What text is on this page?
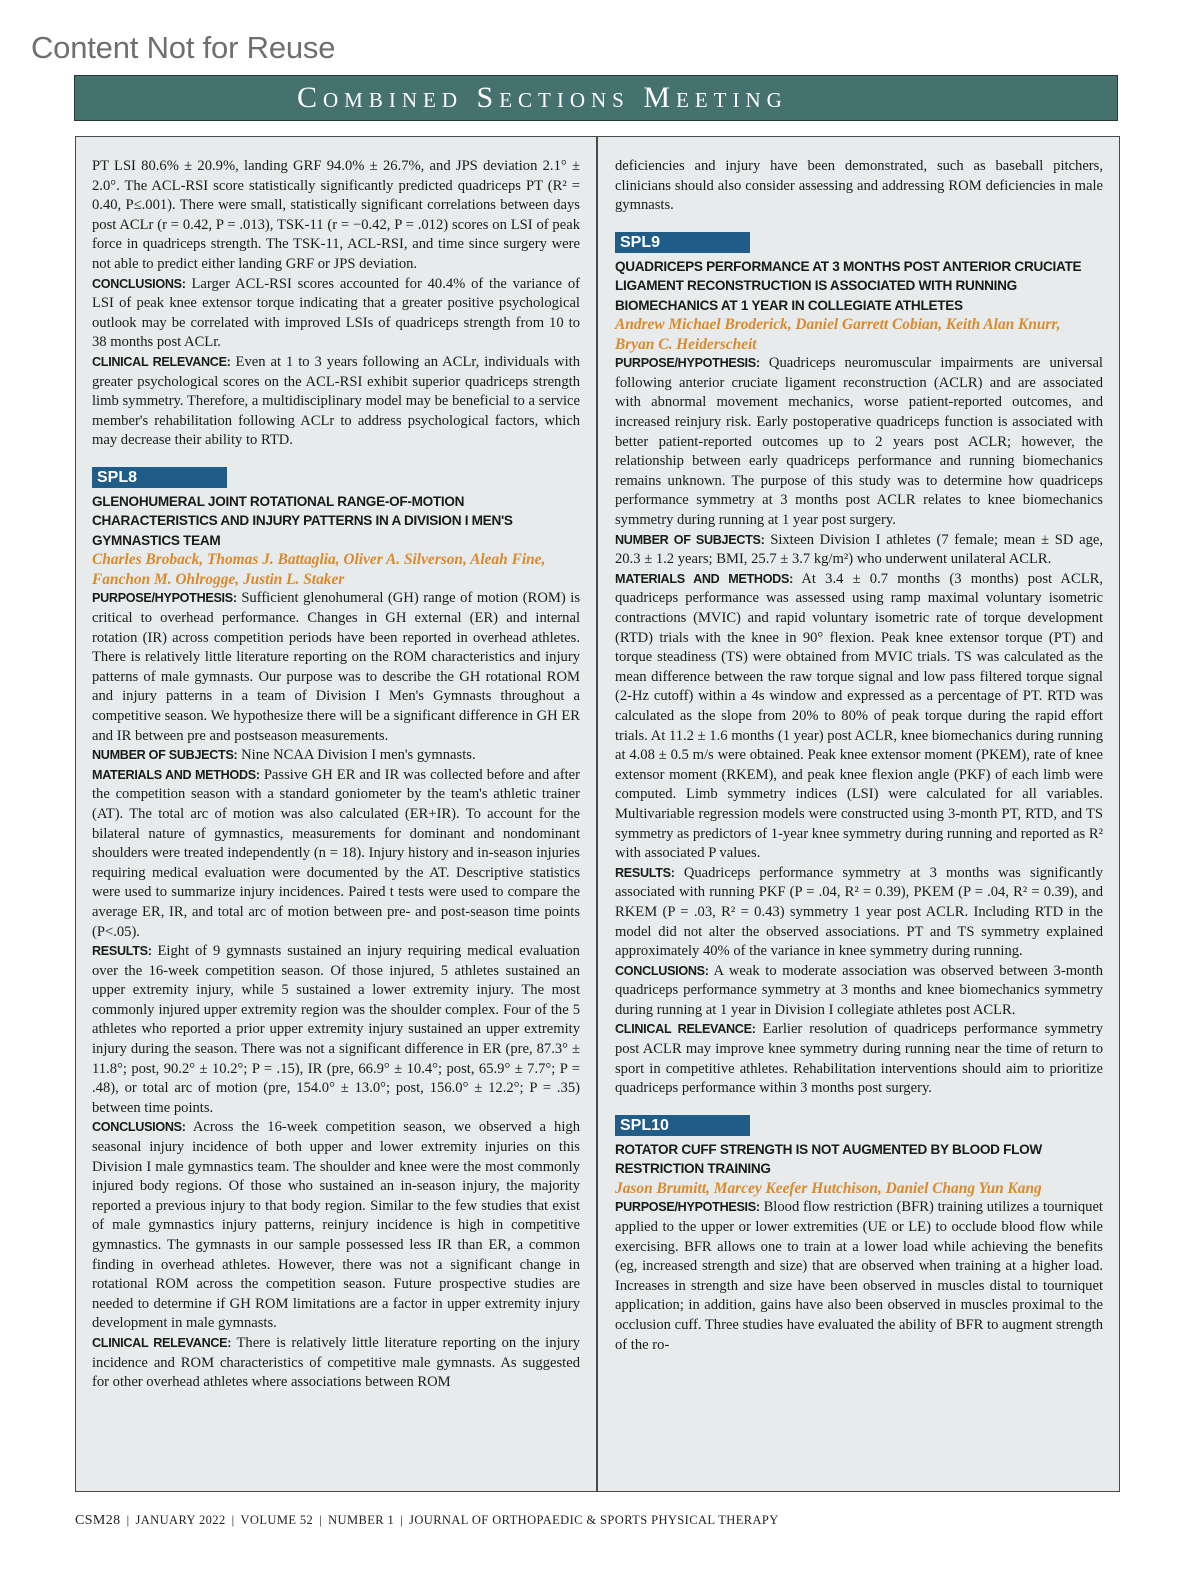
Content Not for Reuse
Combined Sections Meeting

PT LSI 80.6% ± 20.9%, landing GRF 94.0% ± 26.7%, and JPS deviation 2.1° ± 2.0°. The ACL-RSI score statistically significantly predicted quadriceps PT (R² = 0.40, P≤.001). There were small, statistically significant correlations between days post ACLr (r = 0.42, P = .013), TSK-11 (r = −0.42, P = .012) scores on LSI of peak force in quadriceps strength. The TSK-11, ACL-RSI, and time since surgery were not able to predict either landing GRF or JPS deviation.

CONCLUSIONS: Larger ACL-RSI scores accounted for 40.4% of the variance of LSI of peak knee extensor torque indicating that a greater positive psychological outlook may be correlated with improved LSIs of quadriceps strength from 10 to 38 months post ACLr.

CLINICAL RELEVANCE: Even at 1 to 3 years following an ACLr, individuals with greater psychological scores on the ACL-RSI exhibit superior quadriceps strength limb symmetry. Therefore, a multidisciplinary model may be beneficial to a service member's rehabilitation following ACLr to address psychological factors, which may decrease their ability to RTD.

SPL8
GLENOHUMERAL JOINT ROTATIONAL RANGE-OF-MOTION CHARACTERISTICS AND INJURY PATTERNS IN A DIVISION I MEN'S GYMNASTICS TEAM
Charles Broback, Thomas J. Battaglia, Oliver A. Silverson, Aleah Fine, Fanchon M. Ohlrogge, Justin L. Staker

PURPOSE/HYPOTHESIS: Sufficient glenohumeral (GH) range of motion (ROM) is critical to overhead performance. Changes in GH external (ER) and internal rotation (IR) across competition periods have been reported in overhead athletes. There is relatively little literature reporting on the ROM characteristics and injury patterns of male gymnasts. Our purpose was to describe the GH rotational ROM and injury patterns in a team of Division I Men's Gymnasts throughout a competitive season. We hypothesize there will be a significant difference in GH ER and IR between pre and postseason measurements.

NUMBER OF SUBJECTS: Nine NCAA Division I men's gymnasts.

MATERIALS AND METHODS: Passive GH ER and IR was collected before and after the competition season with a standard goniometer by the team's athletic trainer (AT). The total arc of motion was also calculated (ER+IR). To account for the bilateral nature of gymnastics, measurements for dominant and nondominant shoulders were treated independently (n = 18). Injury history and in-season injuries requiring medical evaluation were documented by the AT. Descriptive statistics were used to summarize injury incidences. Paired t tests were used to compare the average ER, IR, and total arc of motion between pre- and post-season time points (P<.05).

RESULTS: Eight of 9 gymnasts sustained an injury requiring medical evaluation over the 16-week competition season. Of those injured, 5 athletes sustained an upper extremity injury, while 5 sustained a lower extremity injury. The most commonly injured upper extremity region was the shoulder complex. Four of the 5 athletes who reported a prior upper extremity injury sustained an upper extremity injury during the season. There was not a significant difference in ER (pre, 87.3° ± 11.8°; post, 90.2° ± 10.2°; P = .15), IR (pre, 66.9° ± 10.4°; post, 65.9° ± 7.7°; P = .48), or total arc of motion (pre, 154.0° ± 13.0°; post, 156.0° ± 12.2°; P = .35) between time points.

CONCLUSIONS: Across the 16-week competition season, we observed a high seasonal injury incidence of both upper and lower extremity injuries on this Division I male gymnastics team. The shoulder and knee were the most commonly injured body regions. Of those who sustained an in-season injury, the majority reported a previous injury to that body region. Similar to the few studies that exist of male gymnastics injury patterns, reinjury incidence is high in competitive gymnastics. The gymnasts in our sample possessed less IR than ER, a common finding in overhead athletes. However, there was not a significant change in rotational ROM across the competition season. Future prospective studies are needed to determine if GH ROM limitations are a factor in upper extremity injury development in male gymnasts.

CLINICAL RELEVANCE: There is relatively little literature reporting on the injury incidence and ROM characteristics of competitive male gymnasts. As suggested for other overhead athletes where associations between ROM

deficiencies and injury have been demonstrated, such as baseball pitchers, clinicians should also consider assessing and addressing ROM deficiencies in male gymnasts.

SPL9
QUADRICEPS PERFORMANCE AT 3 MONTHS POST ANTERIOR CRUCIATE LIGAMENT RECONSTRUCTION IS ASSOCIATED WITH RUNNING BIOMECHANICS AT 1 YEAR IN COLLEGIATE ATHLETES
Andrew Michael Broderick, Daniel Garrett Cobian, Keith Alan Knurr, Bryan C. Heiderscheit

PURPOSE/HYPOTHESIS: Quadriceps neuromuscular impairments are universal following anterior cruciate ligament reconstruction (ACLR) and are associated with abnormal movement mechanics, worse patient-reported outcomes, and increased reinjury risk. Early postoperative quadriceps function is associated with better patient-reported outcomes up to 2 years post ACLR; however, the relationship between early quadriceps performance and running biomechanics remains unknown. The purpose of this study was to determine how quadriceps performance symmetry at 3 months post ACLR relates to knee biomechanics symmetry during running at 1 year post surgery.

NUMBER OF SUBJECTS: Sixteen Division I athletes (7 female; mean ± SD age, 20.3 ± 1.2 years; BMI, 25.7 ± 3.7 kg/m²) who underwent unilateral ACLR.

MATERIALS AND METHODS: At 3.4 ± 0.7 months (3 months) post ACLR, quadriceps performance was assessed using ramp maximal voluntary isometric contractions (MVIC) and rapid voluntary isometric rate of torque development (RTD) trials with the knee in 90° flexion. Peak knee extensor torque (PT) and torque steadiness (TS) were obtained from MVIC trials. TS was calculated as the mean difference between the raw torque signal and low pass filtered torque signal (2-Hz cutoff) within a 4s window and expressed as a percentage of PT. RTD was calculated as the slope from 20% to 80% of peak torque during the rapid effort trials. At 11.2 ± 1.6 months (1 year) post ACLR, knee biomechanics during running at 4.08 ± 0.5 m/s were obtained. Peak knee extensor moment (PKEM), rate of knee extensor moment (RKEM), and peak knee flexion angle (PKF) of each limb were computed. Limb symmetry indices (LSI) were calculated for all variables. Multivariable regression models were constructed using 3-month PT, RTD, and TS symmetry as predictors of 1-year knee symmetry during running and reported as R² with associated P values.

RESULTS: Quadriceps performance symmetry at 3 months was significantly associated with running PKF (P = .04, R² = 0.39), PKEM (P = .04, R² = 0.39), and RKEM (P = .03, R² = 0.43) symmetry 1 year post ACLR. Including RTD in the model did not alter the observed associations. PT and TS symmetry explained approximately 40% of the variance in knee symmetry during running.

CONCLUSIONS: A weak to moderate association was observed between 3-month quadriceps performance symmetry at 3 months and knee biomechanics symmetry during running at 1 year in Division I collegiate athletes post ACLR.

CLINICAL RELEVANCE: Earlier resolution of quadriceps performance symmetry post ACLR may improve knee symmetry during running near the time of return to sport in competitive athletes. Rehabilitation interventions should aim to prioritize quadriceps performance within 3 months post surgery.

SPL10
ROTATOR CUFF STRENGTH IS NOT AUGMENTED BY BLOOD FLOW RESTRICTION TRAINING
Jason Brumitt, Marcey Keefer Hutchison, Daniel Chang Yun Kang

PURPOSE/HYPOTHESIS: Blood flow restriction (BFR) training utilizes a tourniquet applied to the upper or lower extremities (UE or LE) to occlude blood flow while exercising. BFR allows one to train at a lower load while achieving the benefits (eg, increased strength and size) that are observed when training at a higher load. Increases in strength and size have been observed in muscles distal to tourniquet application; in addition, gains have also been observed in muscles proximal to the occlusion cuff. Three studies have evaluated the ability of BFR to augment strength of the ro-

CSM28 | JANUARY 2022 | VOLUME 52 | NUMBER 1 | JOURNAL OF ORTHOPAEDIC & SPORTS PHYSICAL THERAPY
